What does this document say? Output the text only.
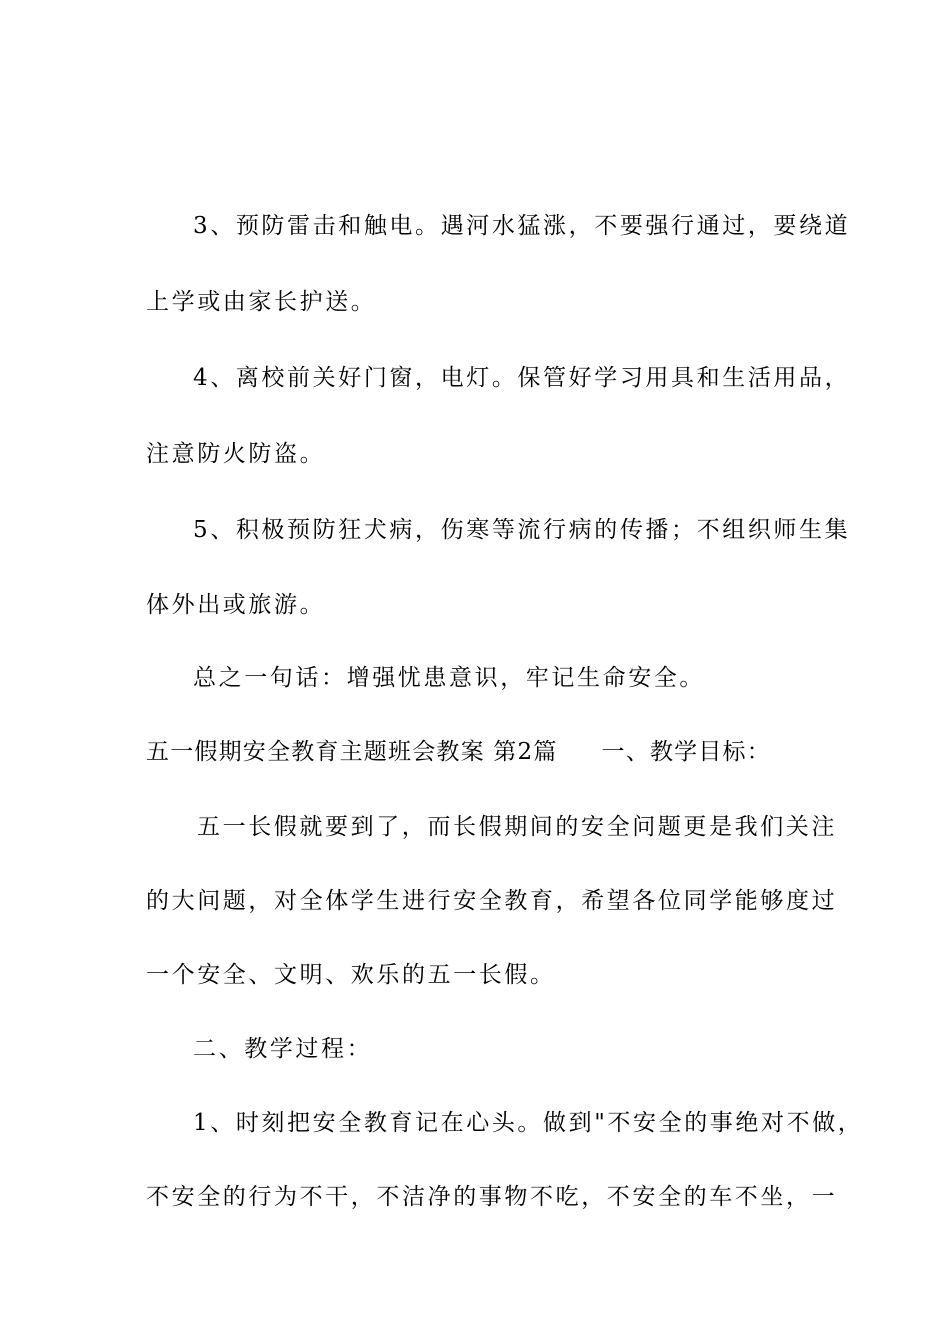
3、预防雷击和触电。遇河水猛涨，不要强行通过，要绕道
上学或由家长护送。
4、离校前关好门窗，电灯。保管好学习用具和生活用品，
注意防火防盗。
5、积极预防狂犬病，伤寒等流行病的传播；不组织师生集
体外出或旅游。
总之一句话：增强忧患意识，牢记生命安全。
五一假期安全教育主题班会教案 第2篇 一、教学目标：
五一长假就要到了，而长假期间的安全问题更是我们关注
的大问题，对全体学生进行安全教育，希望各位同学能够度过
一个安全、文明、欢乐的五一长假。
二、教学过程：
1、时刻把安全教育记在心头。做到"不安全的事绝对不做，
不安全的行为不干，不洁净的事物不吃，不安全的车不坐，一
